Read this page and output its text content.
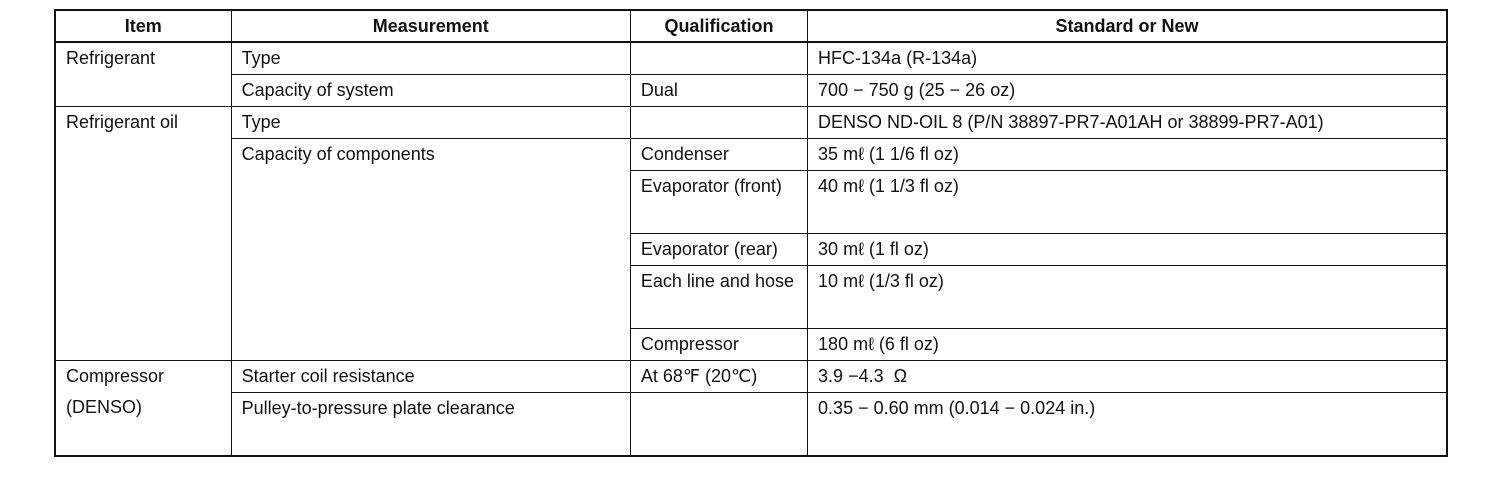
Item	Measurement	Qualification	Standard or New
Refrigerant	Type		HFC-134a (R-134a)
	Capacity of system	Dual	700 − 750 g (25 − 26 oz)
Refrigerant oil	Type		DENSO ND-OIL 8 (P/N 38897-PR7-A01AH or 38899-PR7-A01)
	Capacity of components	Condenser	35 mℓ (1 1/6 fl oz)
		Evaporator (front)	40 mℓ (1 1/3 fl oz)
		Evaporator (rear)	30 mℓ (1 fl oz)
		Each line and hose	10 mℓ (1/3 fl oz)
		Compressor	180 mℓ (6 fl oz)
Compressor (DENSO)	Starter coil resistance	At 68℉ (20℃)	3.9 −4.3  Ω
	Pulley-to-pressure plate clearance		0.35 − 0.60 mm (0.014 − 0.024 in.)
